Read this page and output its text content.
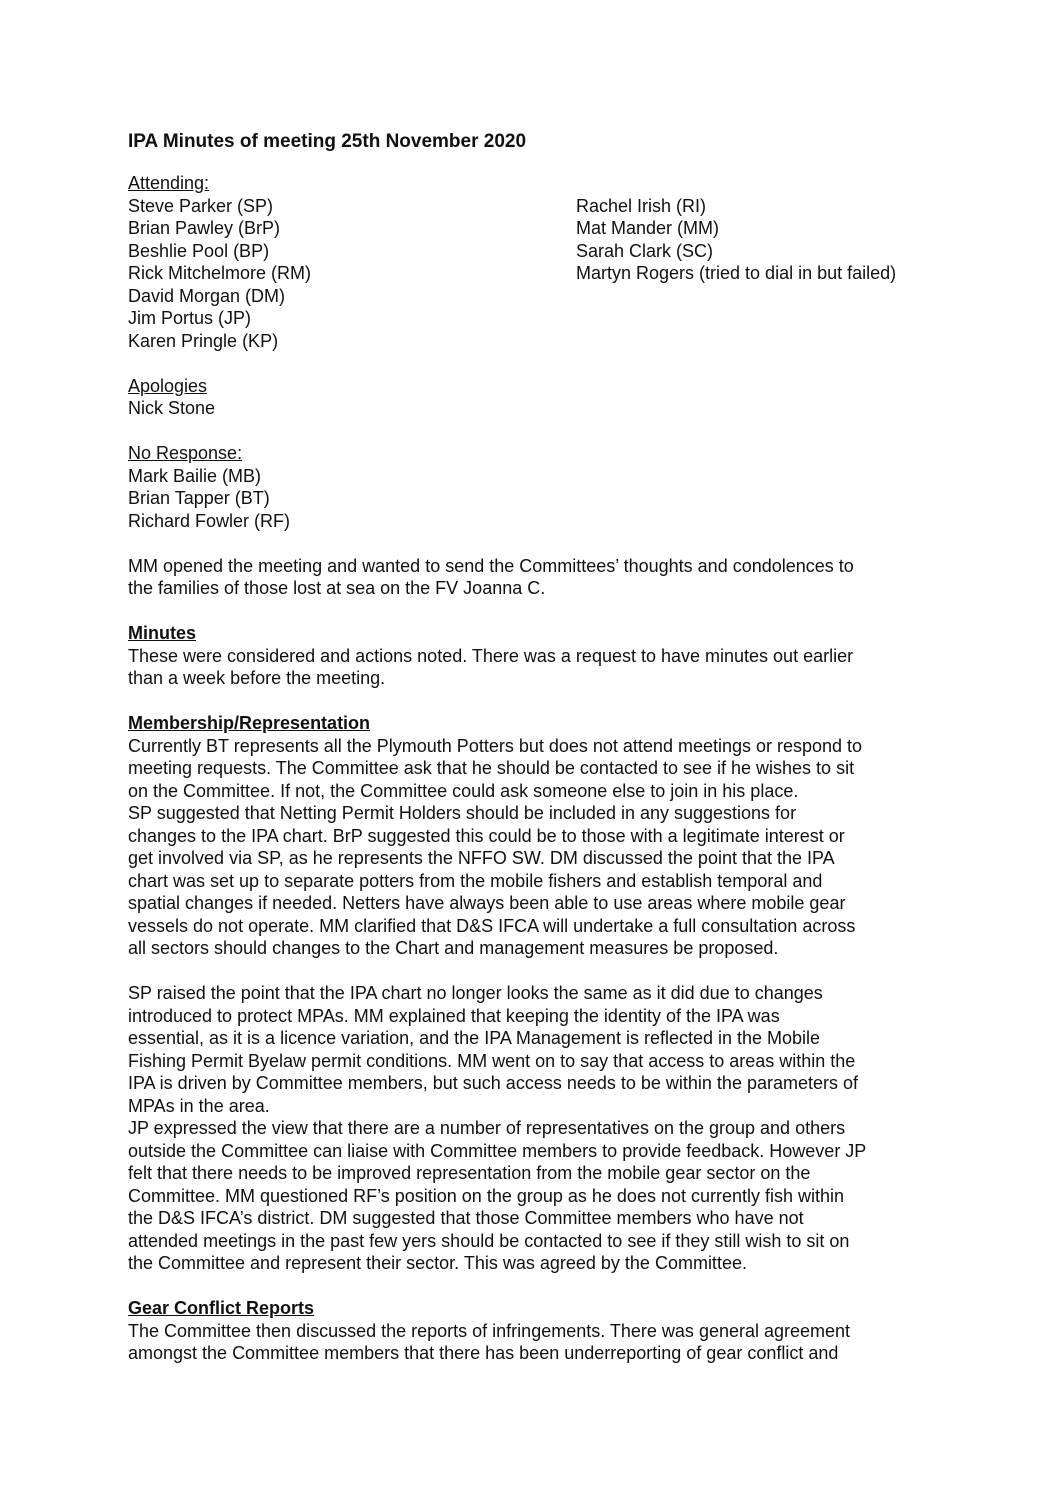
IPA Minutes of meeting 25th November 2020
Attending:
Steve Parker (SP)
Brian Pawley (BrP)
Beshlie Pool (BP)
Rick Mitchelmore (RM)
David Morgan (DM)
Jim Portus (JP)
Karen Pringle (KP)
Rachel Irish (RI)
Mat Mander (MM)
Sarah Clark (SC)
Martyn Rogers (tried to dial in but failed)
Apologies
Nick Stone
No Response:
Mark Bailie (MB)
Brian Tapper (BT)
Richard Fowler (RF)

MM opened the meeting and wanted to send the Committees’ thoughts and condolences to
the families of those lost at sea on the FV Joanna C.

Minutes
These were considered and actions noted. There was a request to have minutes out earlier
than a week before the meeting.
Membership/Representation
Currently BT represents all the Plymouth Potters but does not attend meetings or respond to
meeting requests. The Committee ask that he should be contacted to see if he wishes to sit
on the Committee. If not, the Committee could ask someone else to join in his place.
SP suggested that Netting Permit Holders should be included in any suggestions for
changes to the IPA chart. BrP suggested this could be to those with a legitimate interest or
get involved via SP, as he represents the NFFO SW. DM discussed the point that the IPA
chart was set up to separate potters from the mobile fishers and establish temporal and
spatial changes if needed. Netters have always been able to use areas where mobile gear
vessels do not operate. MM clarified that D&S IFCA will undertake a full consultation across
all sectors should changes to the Chart and management measures be proposed.
SP raised the point that the IPA chart no longer looks the same as it did due to changes
introduced to protect MPAs. MM explained that keeping the identity of the IPA was
essential, as it is a licence variation, and the IPA Management is reflected in the Mobile
Fishing Permit Byelaw permit conditions. MM went on to say that access to areas within the
IPA is driven by Committee members, but such access needs to be within the parameters of
MPAs in the area.
JP expressed the view that there are a number of representatives on the group and others
outside the Committee can liaise with Committee members to provide feedback. However JP
felt that there needs to be improved representation from the mobile gear sector on the
Committee. MM questioned RF’s position on the group as he does not currently fish within
the D&S IFCA’s district. DM suggested that those Committee members who have not
attended meetings in the past few yers should be contacted to see if they still wish to sit on
the Committee and represent their sector. This was agreed by the Committee.
Gear Conflict Reports
The Committee then discussed the reports of infringements. There was general agreement
amongst the Committee members that there has been underreporting of gear conflict and
